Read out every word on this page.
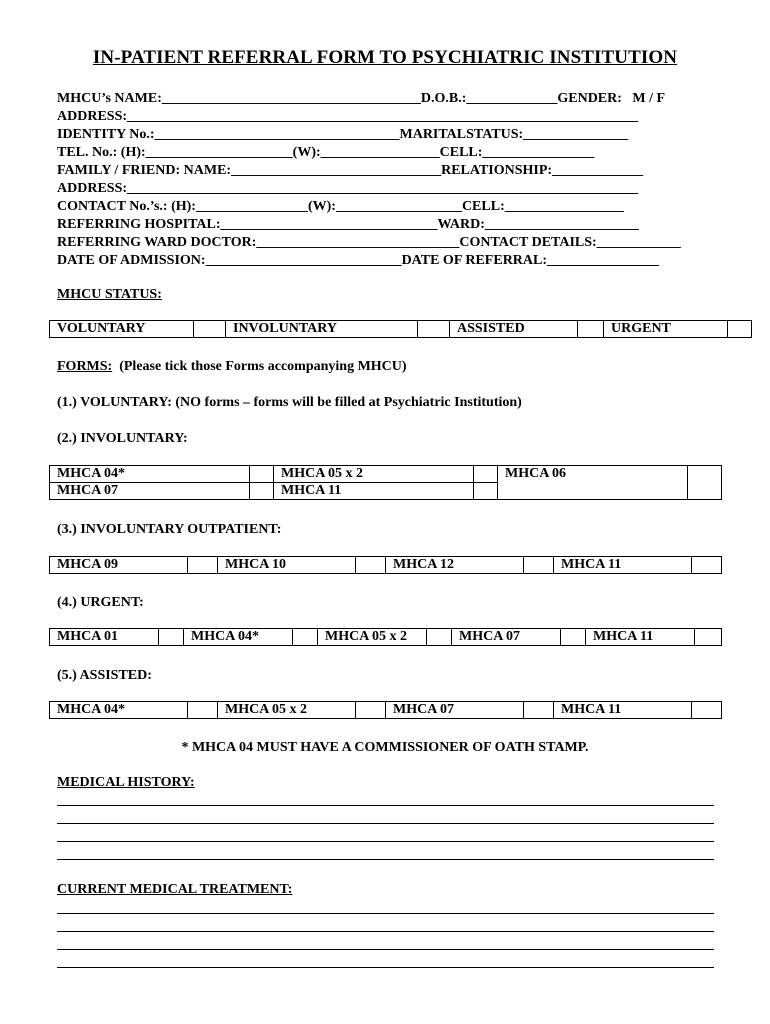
IN-PATIENT REFERRAL FORM TO PSYCHIATRIC INSTITUTION
MHCU’s NAME:_____________________________________D.O.B.:_____________GENDER:   M / F
ADDRESS:_________________________________________________________________________
IDENTITY No.:___________________________________MARITALSTATUS:_______________
TEL. No.: (H):_____________________(W):_________________CELL:________________
FAMILY / FRIEND: NAME:______________________________RELATIONSHIP:_____________
ADDRESS:_________________________________________________________________________
CONTACT No.’s.: (H):________________(W):__________________CELL:_________________
REFERRING HOSPITAL:_______________________________WARD:______________________
REFERRING WARD DOCTOR:_____________________________CONTACT DETAILS:____________
DATE OF ADMISSION:____________________________DATE OF REFERRAL:________________
MHCU STATUS:
VOLUNTARY		INVOLUNTARY		ASSISTED		URGENT	
FORMS:  (Please tick those Forms accompanying MHCU)
(1.) VOLUNTARY: (NO forms – forms will be filled at Psychiatric Institution)
(2.) INVOLUNTARY:
MHCA 04*		MHCA 05 x 2		MHCA 06	
MHCA 07		MHCA 11			
(3.) INVOLUNTARY OUTPATIENT:
MHCA 09		MHCA 10		MHCA 12		MHCA 11	
(4.) URGENT:
MHCA 01		MHCA 04*		MHCA 05 x 2		MHCA 07		MHCA 11	
(5.) ASSISTED:
MHCA 04*		MHCA 05 x 2		MHCA 07		MHCA 11	
* MHCA 04 MUST HAVE A COMMISSIONER OF OATH STAMP.
MEDICAL HISTORY:
CURRENT MEDICAL TREATMENT:
